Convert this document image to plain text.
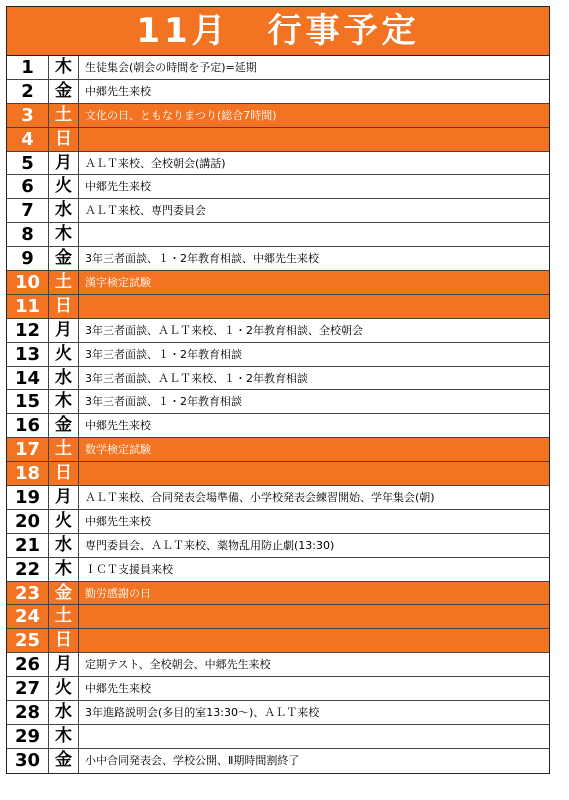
11月　行事予定
1	木	生徒集会(朝会の時間を予定)=延期
2	金	中郷先生来校
3	土	文化の日、ともなりまつり(総合7時間)
4	日
5	月	ＡＬＴ来校、全校朝会(講話)
6	火	中郷先生来校
7	水	ＡＬＴ来校、専門委員会
8	木
9	金	3年三者面談、１・2年教育相談、中郷先生来校
10 土	漢字検定試験
11 日
12 月	3年三者面談、ＡＬＴ来校、１・2年教育相談、全校朝会
13 火	3年三者面談、１・2年教育相談
14 水	3年三者面談、ＡＬＴ来校、１・2年教育相談
15 木	3年三者面談、１・2年教育相談
16 金	中郷先生来校
17 土	数学検定試験
18 日
19 月	ＡＬＴ来校、合同発表会場準備、小学校発表会練習開始、学年集会(朝)
20 火	中郷先生来校
21 水	専門委員会、ＡＬＴ来校、薬物乱用防止劇(13:30)
22 木	ＩＣＴ支援員来校
23 金	勤労感謝の日
24 土
25 日
26 月	定期テスト、全校朝会、中郷先生来校
27 火	中郷先生来校
28 水	3年進路説明会(多目的室13:30～)、ＡＬＴ来校
29 木
30 金	小中合同発表会、学校公開、Ⅱ期時間割終了
